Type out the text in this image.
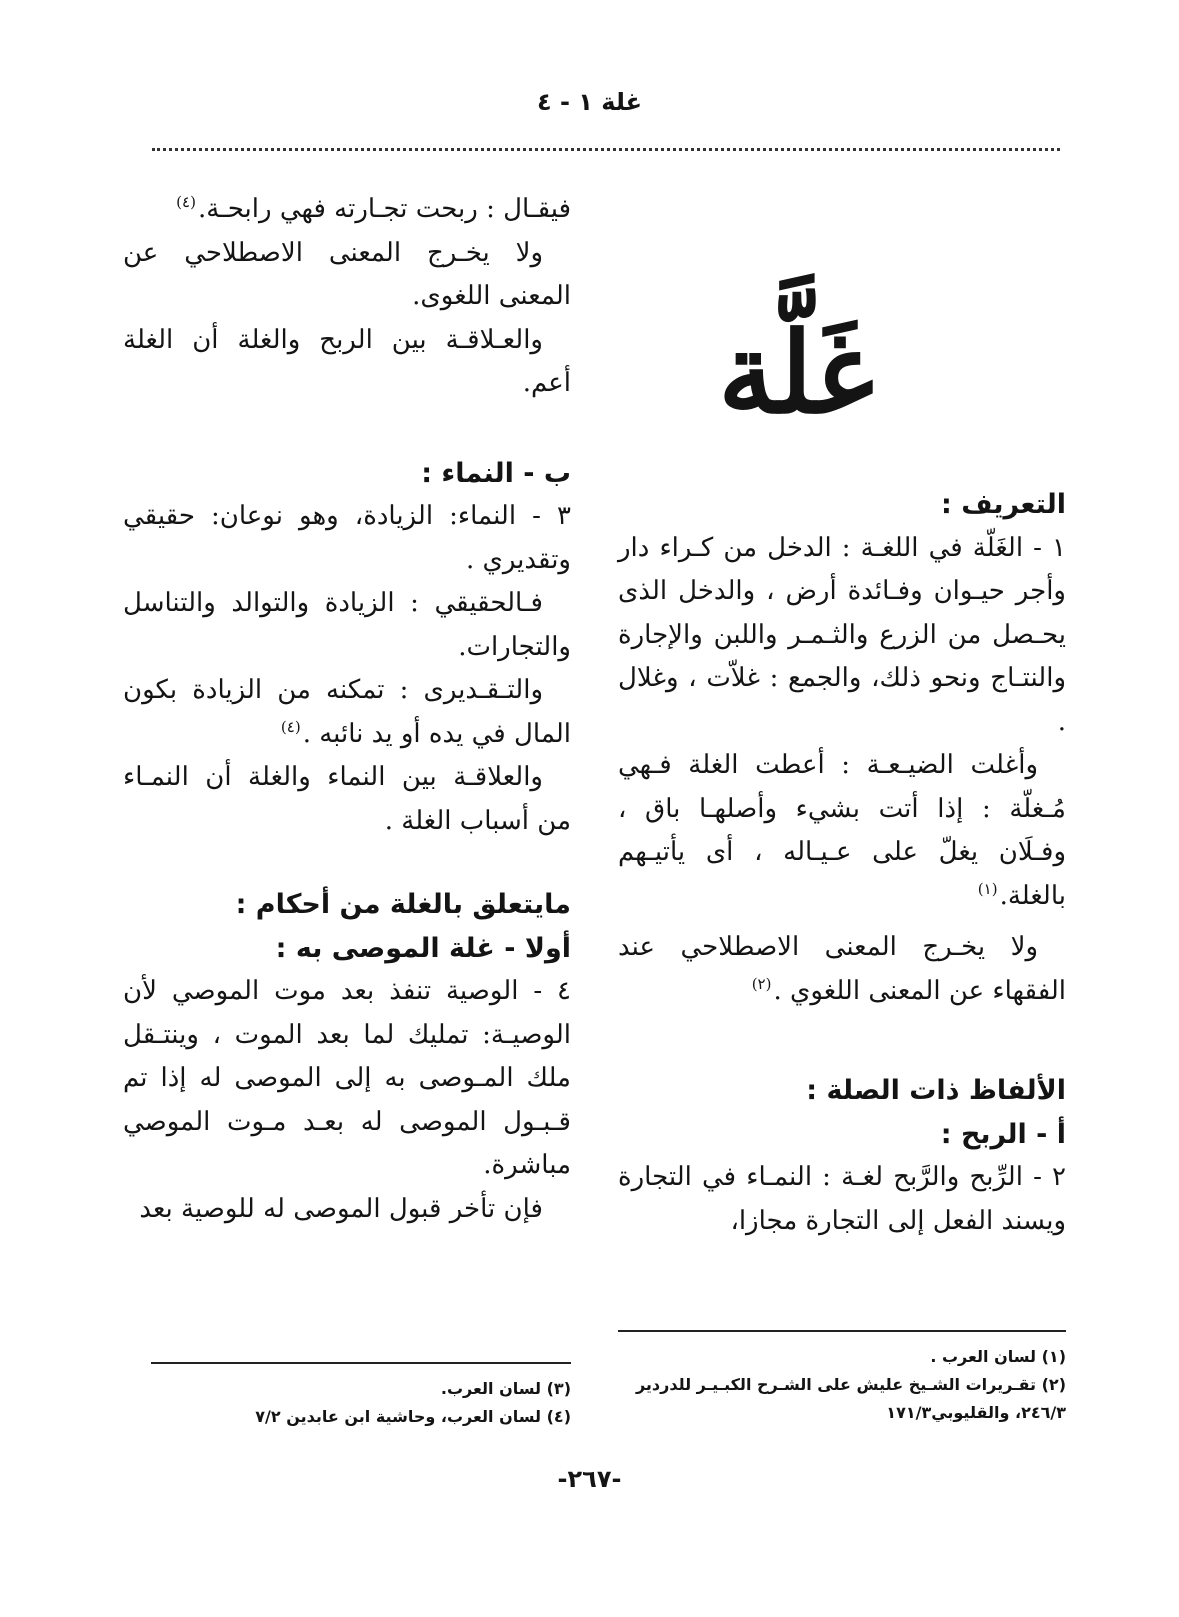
غلة ١ - ٤
غَلَّة

التعريف :

١ - الغَلّة في اللغـة : الدخل من كـراء دار وأجر حيـوان وفـائدة أرض ، والدخل الذى يحـصل من الزرع والثـمـر واللبن والإجارة والنتـاج ونحو ذلك، والجمع : غلاّت ، وغلال .

وأغلت الضيـعـة : أعطت الغلة فـهي مُـغلّة : إذا أتت بشيء وأصلهـا باق ، وفـلَان يغلّ على عـيـاله ، أى يأتيـهم بالغلة.$^{(١)}$

ولا يخـرج المعنى الاصطلاحي عند الفقهاء عن المعنى اللغوي .$^{(٢)}$

الألفاظ ذات الصلة :

أ - الربح :

٢ - الرِّبح والرَّبح لغـة : النمـاء في التجارة ويسند الفعل إلى التجارة مجازا،

فيقـال : ربحت تجـارته فهي رابحـة.$^{(٤)}$

ولا يخـرج المعنى الاصطلاحي عن المعنى اللغوى.

والعـلاقـة بين الربح والغلة أن الغلة أعم.

ب - النماء :

٣ - النماء: الزيادة، وهو نوعان: حقيقي وتقديري .

فـالحقيقي : الزيادة والتوالد والتناسل والتجارات.

والتـقـديرى : تمكنه من الزيادة بكون المال في يده أو يد نائبه .$^{(٤)}$

والعلاقـة بين النماء والغلة أن النمـاء من أسباب الغلة .

مايتعلق بالغلة من أحكام :

أولا - غلة الموصى به :

٤ - الوصية تنفذ بعد موت الموصي لأن الوصيـة: تمليك لما بعد الموت ، وينتـقل ملك المـوصى به إلى الموصى له إذا تم قـبـول الموصى له بعـد مـوت الموصي مباشرة.

فإن تأخر قبول الموصى له للوصية بعد

(١) لسان العرب .
(٢) تقـريرات الشـيخ عليش على الشـرح الكبـيـر للدردير ٢٤٦/٣، والقليوبي١٧١/٣
(٣) لسان العرب.
(٤) لسان العرب، وحاشية ابن عابدين ٧/٢
-٢٦٧-
